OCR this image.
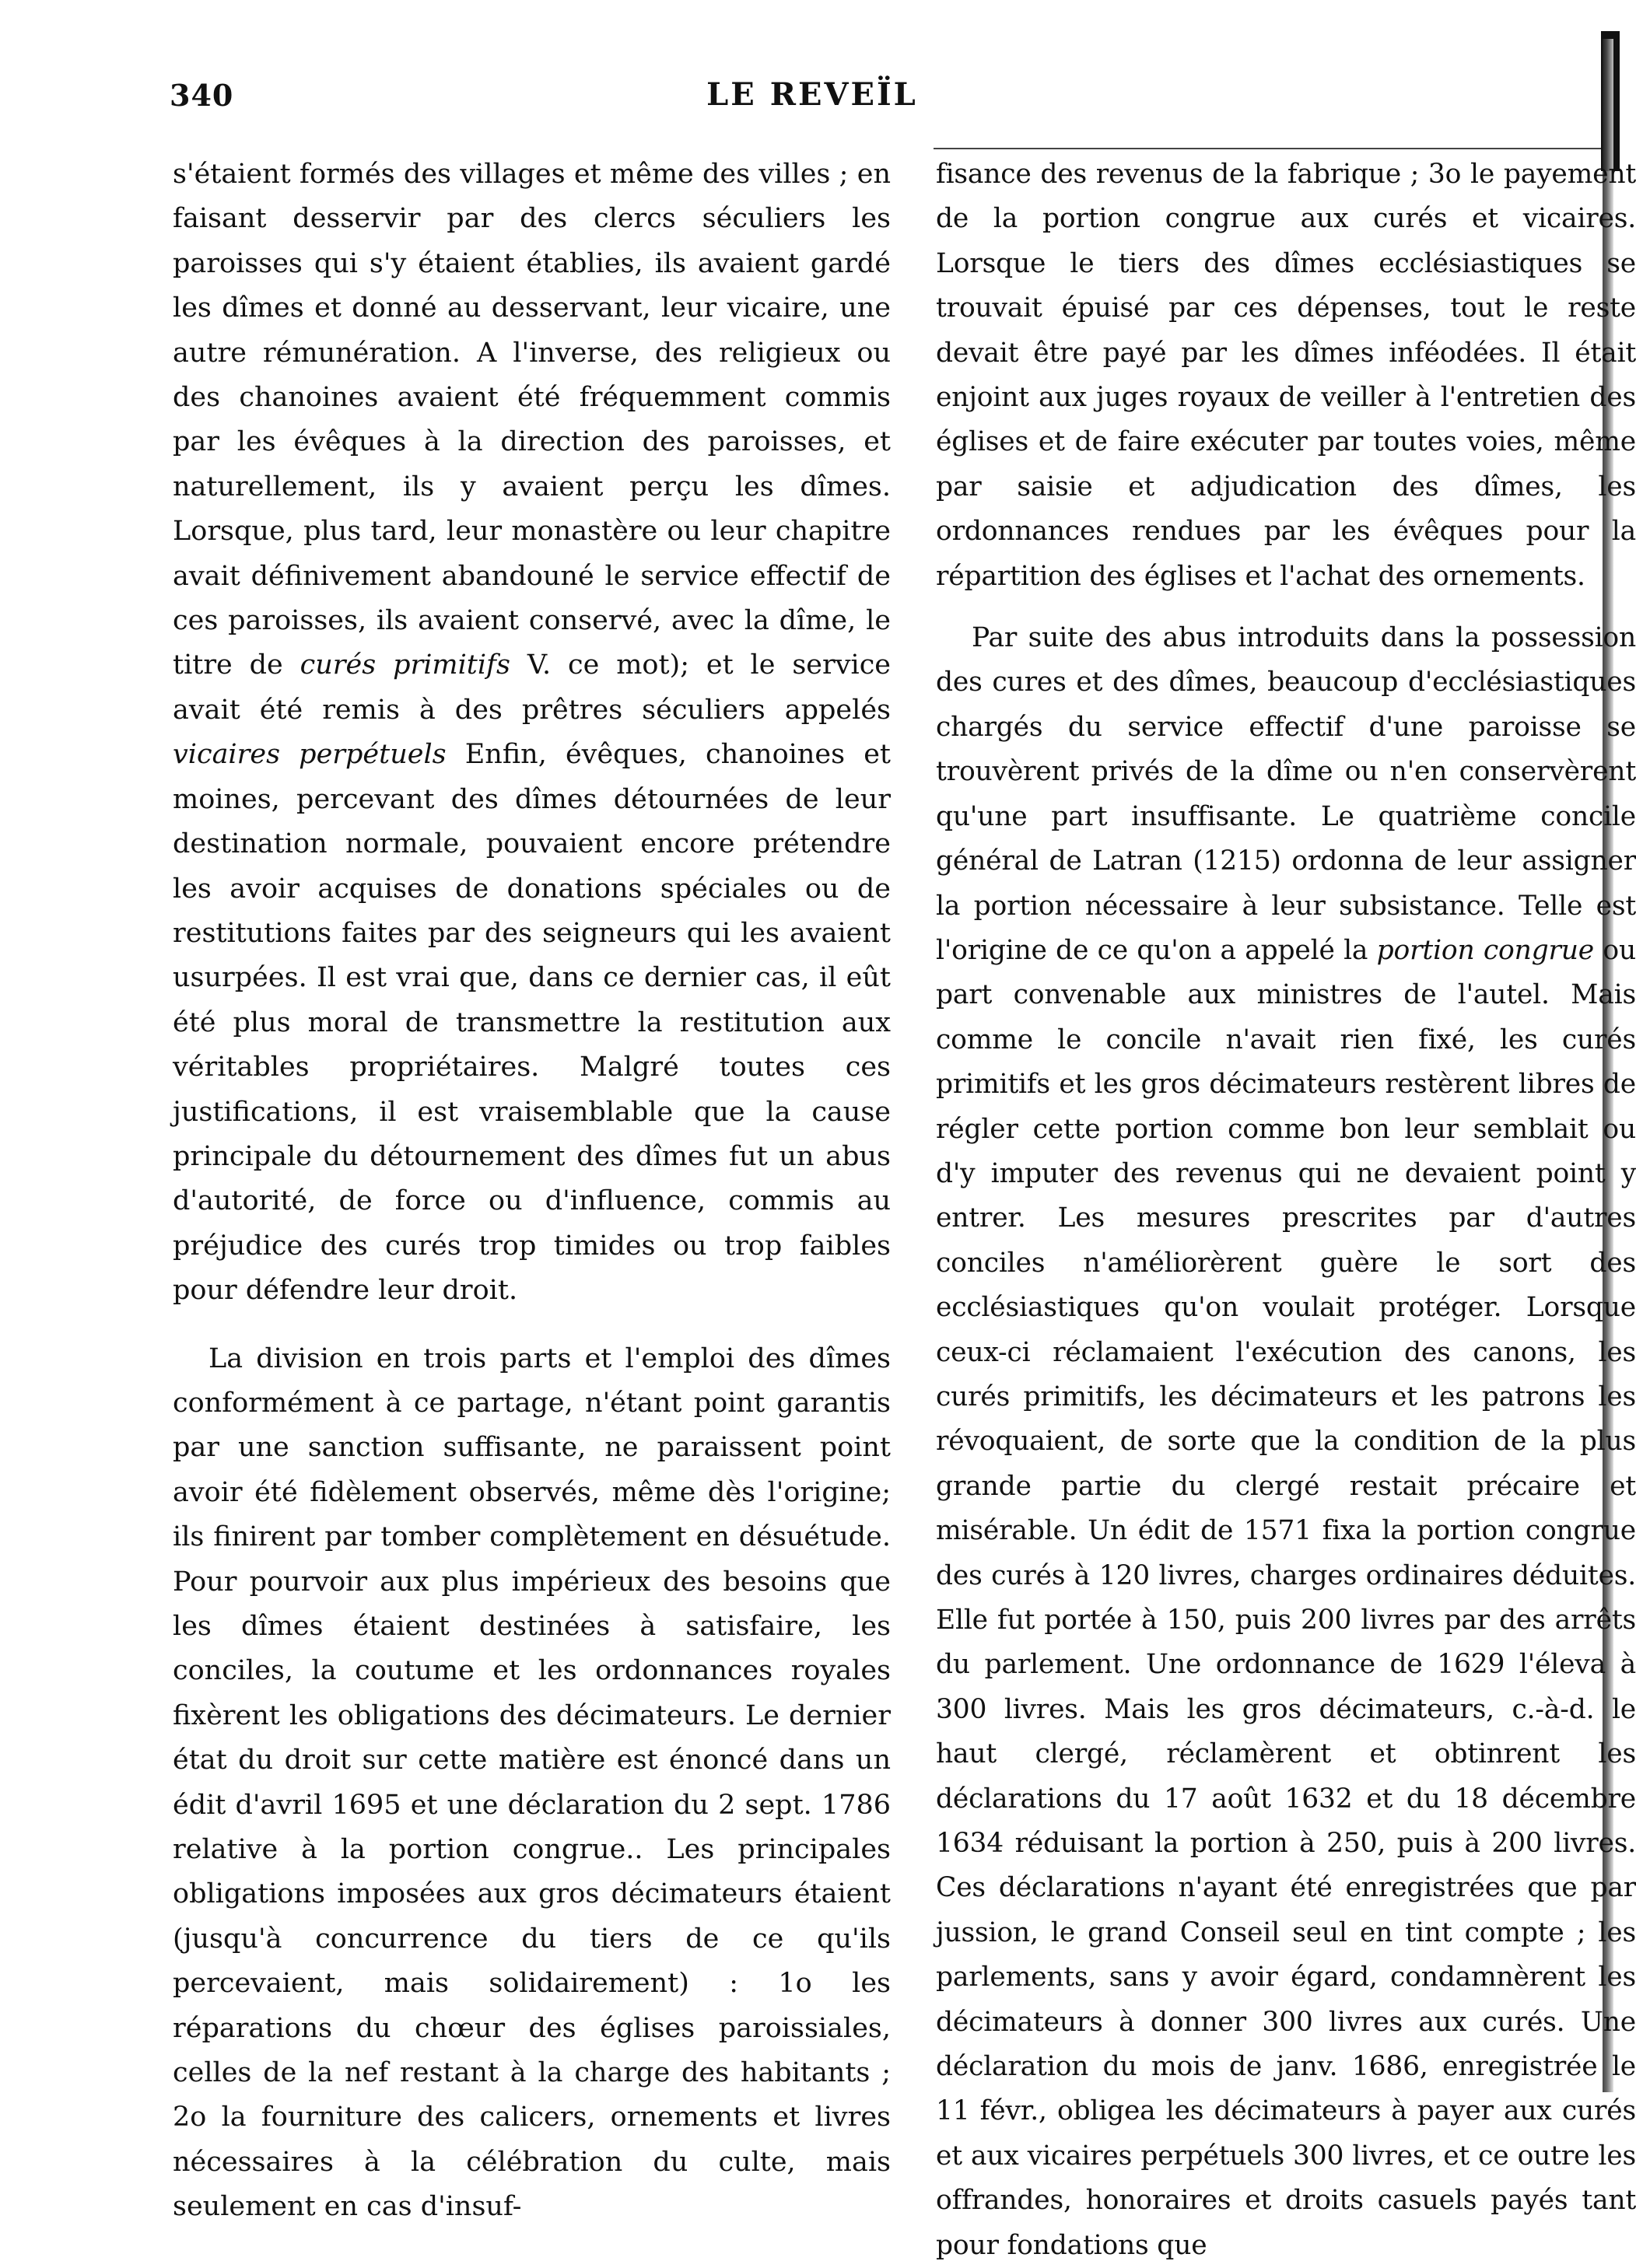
340	LE REVEÏL

s'étaient formés des villages et même des villes ; en faisant desservir par des clercs séculiers les paroisses qui s'y étaient établies, ils avaient gardé les dîmes et donné au desservant, leur vicaire, une autre rémunération. A l'inverse, des religieux ou des chanoines avaient été fréquemment commis par les évêques à la direction des paroisses, et naturellement, ils y avaient perçu les dîmes. Lorsque, plus tard, leur monastère ou leur chapitre avait définivement abandouné le service effectif de ces paroisses, ils avaient conservé, avec la dîme, le titre de curés primitifs V. ce mot); et le service avait été remis à des prêtres séculiers appelés vicaires perpétuels Enfin, évêques, chanoines et moines, percevant des dîmes détournées de leur destination normale, pouvaient encore prétendre les avoir acquises de donations spéciales ou de restitutions faites par des seigneurs qui les avaient usurpées. Il est vrai que, dans ce dernier cas, il eût été plus moral de transmettre la restitution aux véritables propriétaires. Malgré toutes ces justifications, il est vraisemblable que la cause principale du détournement des dîmes fut un abus d'autorité, de force ou d'influence, commis au préjudice des curés trop timides ou trop faibles pour défendre leur droit.

La division en trois parts et l'emploi des dîmes conformément à ce partage, n'étant point garantis par une sanction suffisante, ne paraissent point avoir été fidèlement observés, même dès l'origine; ils finirent par tomber complètement en désuétude. Pour pourvoir aux plus impérieux des besoins que les dîmes étaient destinées à satisfaire, les conciles, la coutume et les ordonnances royales fixèrent les obligations des décimateurs. Le dernier état du droit sur cette matière est énoncé dans un édit d'avril 1695 et une déclaration du 2 sept. 1786 relative à la portion congrue.. Les principales obligations imposées aux gros décimateurs étaient (jusqu'à concurrence du tiers de ce qu'ils percevaient, mais solidairement) : 1o les réparations du chœur des églises paroissiales, celles de la nef restant à la charge des habitants ; 2o la fourniture des calicers, ornements et livres nécessaires à la célébration du culte, mais seulement en cas d'insuf-

fisance des revenus de la fabrique ; 3o le payement de la portion congrue aux curés et vicaires. Lorsque le tiers des dîmes ecclésiastiques se trouvait épuisé par ces dépenses, tout le reste devait être payé par les dîmes inféodées. Il était enjoint aux juges royaux de veiller à l'entretien des églises et de faire exécuter par toutes voies, même par saisie et adjudication des dîmes, les ordonnances rendues par les évêques pour la répartition des églises et l'achat des ornements.

Par suite des abus introduits dans la possession des cures et des dîmes, beaucoup d'ecclésiastiques chargés du service effectif d'une paroisse se trouvèrent privés de la dîme ou n'en conservèrent qu'une part insuffisante. Le quatrième concile général de Latran (1215) ordonna de leur assigner la portion nécessaire à leur subsistance. Telle est l'origine de ce qu'on a appelé la portion congrue ou part convenable aux ministres de l'autel. Mais comme le concile n'avait rien fixé, les curés primitifs et les gros décimateurs restèrent libres de régler cette portion comme bon leur semblait ou d'y imputer des revenus qui ne devaient point y entrer. Les mesures prescrites par d'autres conciles n'améliorèrent guère le sort des ecclésiastiques qu'on voulait protéger. Lorsque ceux-ci réclamaient l'exécution des canons, les curés primitifs, les décimateurs et les patrons les révoquaient, de sorte que la condition de la plus grande partie du clergé restait précaire et misérable. Un édit de 1571 fixa la portion congrue des curés à 120 livres, charges ordinaires déduites. Elle fut portée à 150, puis 200 livres par des arrêts du parlement. Une ordonnance de 1629 l'éleva à 300 livres. Mais les gros décimateurs, c.-à-d. le haut clergé, réclamèrent et obtinrent les déclarations du 17 août 1632 et du 18 décembre 1634 réduisant la portion à 250, puis à 200 livres. Ces déclarations n'ayant été enregistrées que par jussion, le grand Conseil seul en tint compte ; les parlements, sans y avoir égard, condamnèrent les décimateurs à donner 300 livres aux curés. Une déclaration du mois de janv. 1686, enregistrée le 11 févr., obligea les décimateurs à payer aux curés et aux vicaires perpétuels 300 livres, et ce outre les offrandes, honoraires et droits casuels payés tant pour fondations que
